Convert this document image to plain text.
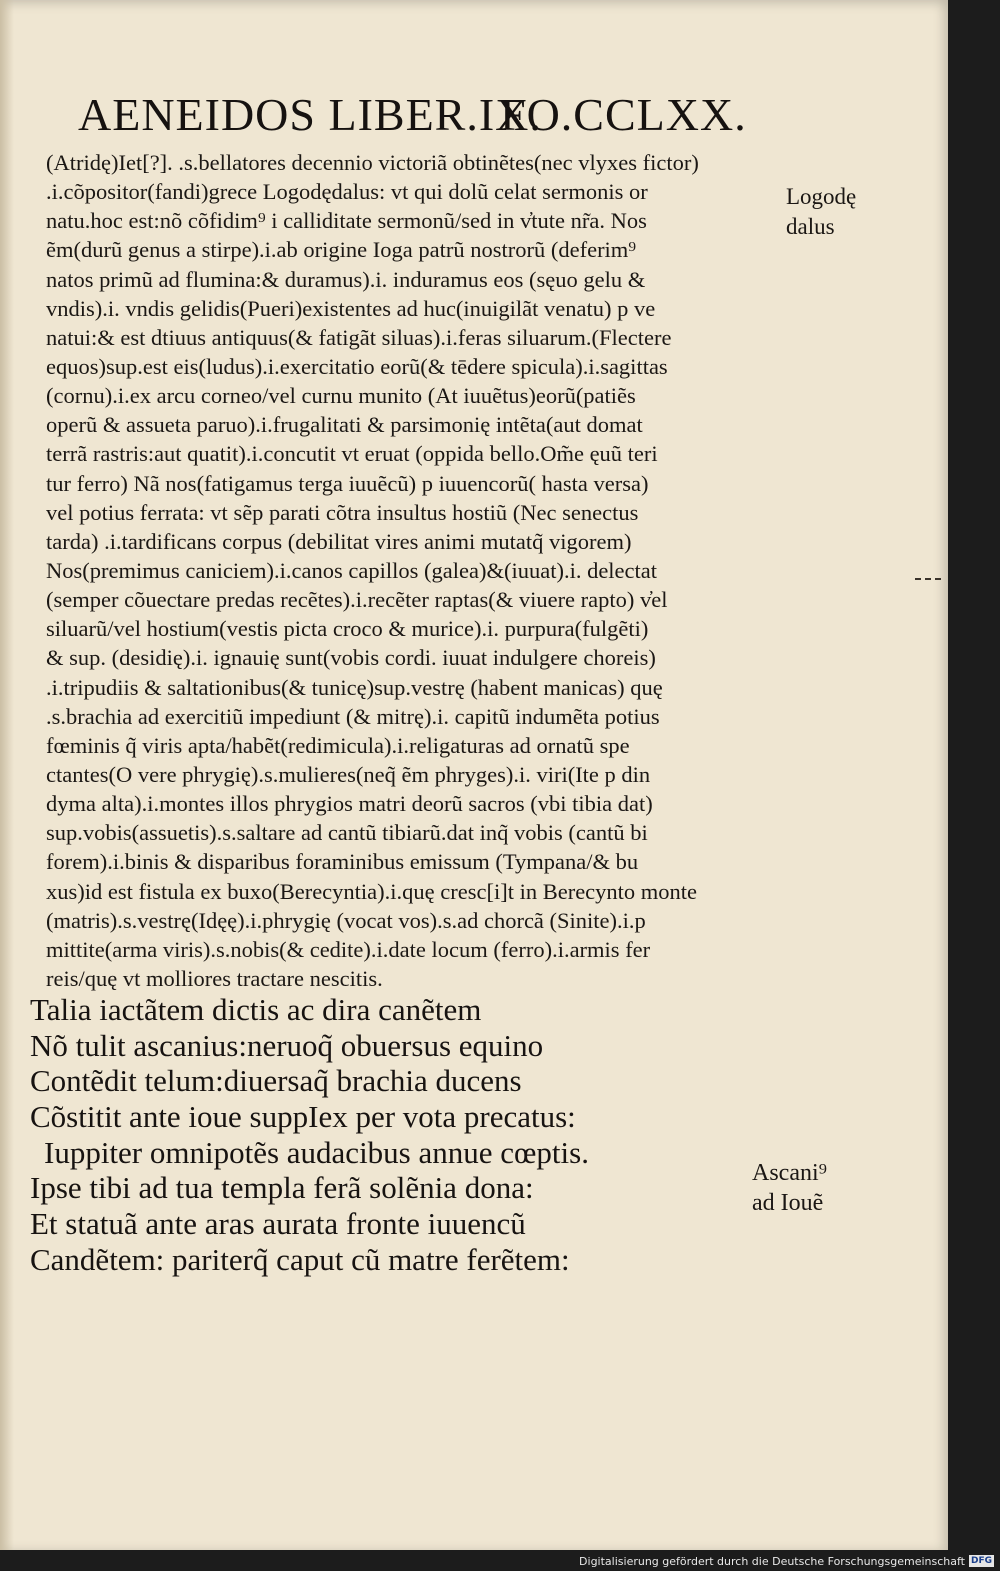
AENEIDOS LIBER.IX.
FO.CCLXX.
(Atridę)Iet[?]. .s.bellatores decennio victoriã obtinẽtes(nec vlyxes fictor)
.i.cõpositor(fandi)grece Logodędalus: vt qui dolũ celat sermonis or
natu.hoc est:nõ cõfidim⁹ i calliditate sermonũ/sed in v̓tute nr̃a. Nos
ẽm(durũ genus a stirpe).i.ab origine Ioga patrũ nostrorũ (deferim⁹
natos primũ ad flumina:& duramus).i. induramus eos (sęuo gelu &
vndis).i. vndis gelidis(Pueri)existentes ad huc(inuigilãt venatu) p ve
natui:& est dtiuus antiquus(& fatigãt siluas).i.feras siluarum.(Flectere
equos)sup.est eis(ludus).i.exercitatio eorũ(& tēdere spicula).i.sagittas
(cornu).i.ex arcu corneo/vel curnu munito (At iuuẽtus)eorũ(patiẽs
operũ & assueta paruo).i.frugalitati & parsimonię intẽta(aut domat
terrã rastris:aut quatit).i.concutit vt eruat (oppida bello.Om̃e ęuũ teri
tur ferro) Nã nos(fatigamus terga iuuẽcũ) p iuuencorũ( hasta versa)
vel potius ferrata: vt sẽp parati cõtra insultus hostiũ (Nec senectus
tarda) .i.tardificans corpus (debilitat vires animi mutatq̃ vigorem)
Nos(premimus caniciem).i.canos capillos (galea)&(iuuat).i. delectat
(semper cõuectare predas recẽtes).i.recẽter raptas(& viuere rapto) v̓el
siluarũ/vel hostium(vestis picta croco & murice).i. purpura(fulgẽti)
& sup. (desidię).i. ignauię sunt(vobis cordi. iuuat indulgere choreis)
.i.tripudiis & saltationibus(& tunicę)sup.vestrę (habent manicas) quę
.s.brachia ad exercitiũ impediunt (& mitrę).i. capitũ indumẽta potius
fœminis q̃ viris apta/habẽt(redimicula).i.religaturas ad ornatũ spe
ctantes(O vere phrygię).s.mulieres(neq̃ ẽm phryges).i. viri(Ite p din
dyma alta).i.montes illos phrygios matri deorũ sacros (vbi tibia dat)
sup.vobis(assuetis).s.saltare ad cantũ tibiarũ.dat inq̃ vobis (cantũ bi
forem).i.binis & disparibus foraminibus emissum (Tympana/& bu
xus)id est fistula ex buxo(Berecyntia).i.quę cresc[i]t in Berecynto monte
(matris).s.vestrę(Idęę).i.phrygię (vocat vos).s.ad chorcã (Sinite).i.p
mittite(arma viris).s.nobis(& cedite).i.date locum (ferro).i.armis fer
reis/quę vt molliores tractare nescitis.
Logodę
dalus
Talia iactãtem dictis ac dira canẽtem
Nõ tulit ascanius:neruoq̃ obuersus equino
Contẽdit telum:diuersaq̃ brachia ducens
Cõstitit ante ioue suppIex per vota precatus:
Iuppiter omnipotẽs audacibus annue cœptis.
Ipse tibi ad tua templa ferã solẽnia dona:
Et statuã ante aras aurata fronte iuuencũ
Candẽtem: pariterq̃ caput cũ matre ferẽtem:
Ascani⁹
ad Iouẽ
Digitalisierung gefördert durch die Deutsche Forschungsgemeinschaft DFG
